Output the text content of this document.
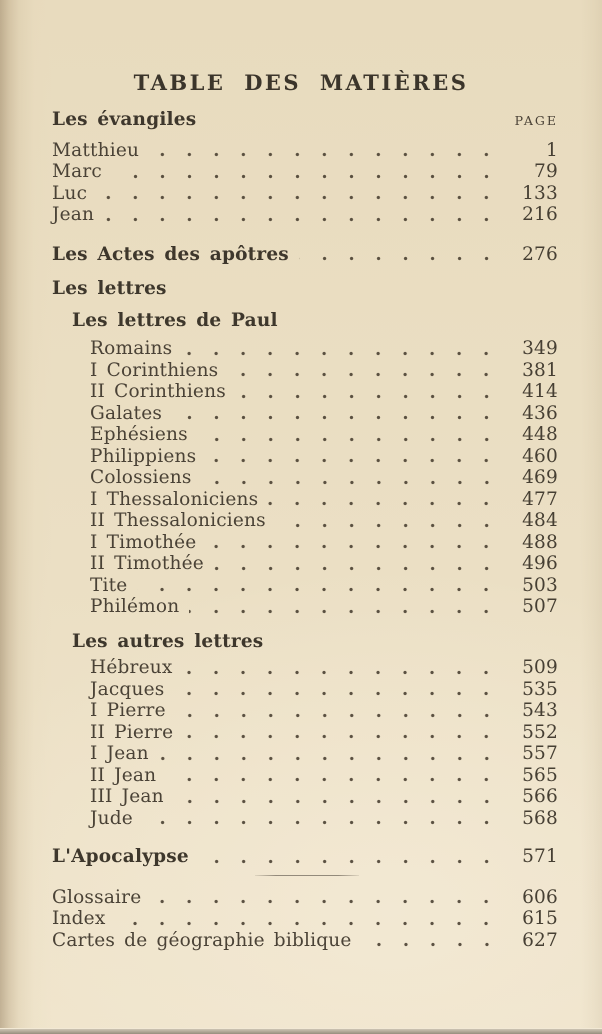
TABLE DES MATIÈRES
Les évangiles	PAGE
Matthieu	1
Marc	79
Luc	133
Jean	216
Les Actes des apôtres	276
Les lettres
Les lettres de Paul
Romains	349
I Corinthiens	381
II Corinthiens	414
Galates	436
Ephésiens	448
Philippiens	460
Colossiens	469
I Thessaloniciens	477
II Thessaloniciens	484
I Timothée	488
II Timothée	496
Tite	503
Philémon	507
Les autres lettres
Hébreux	509
Jacques	535
I Pierre	543
II Pierre	552
I Jean	557
II Jean	565
III Jean	566
Jude	568
L'Apocalypse	571
Glossaire	606
Index	615
Cartes de géographie biblique	627
